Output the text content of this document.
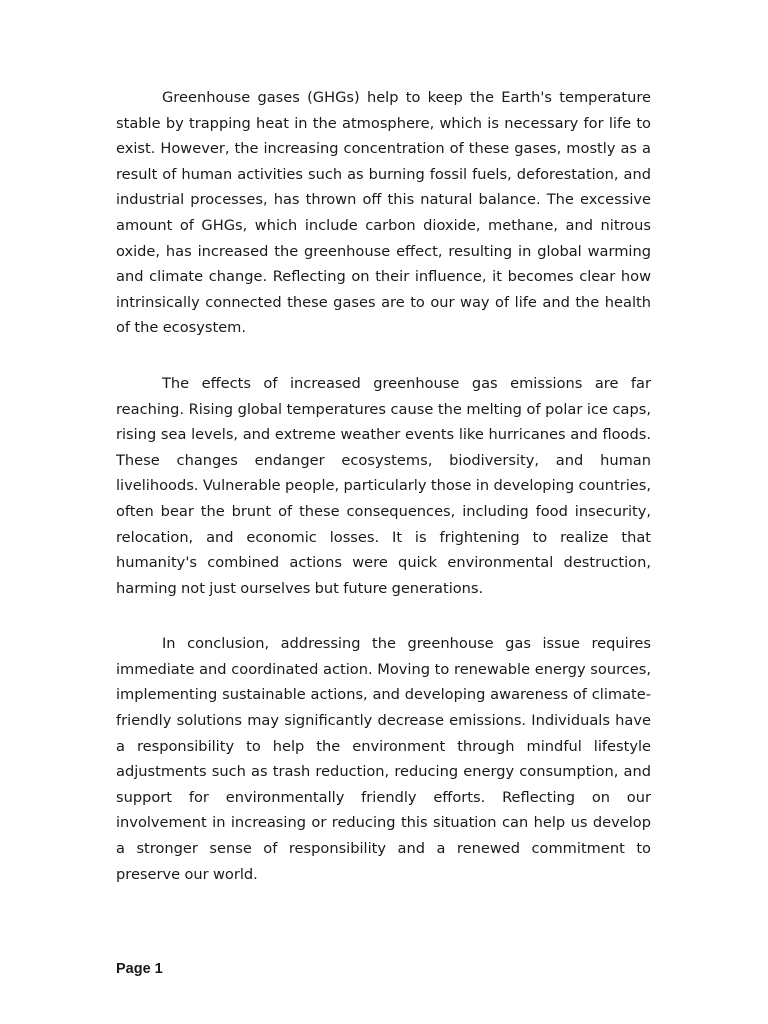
Greenhouse gases (GHGs) help to keep the Earth's temperature stable by trapping heat in the atmosphere, which is necessary for life to exist. However, the increasing concentration of these gases, mostly as a result of human activities such as burning fossil fuels, deforestation, and industrial processes, has thrown off this natural balance. The excessive amount of GHGs, which include carbon dioxide, methane, and nitrous oxide, has increased the greenhouse effect, resulting in global warming and climate change. Reflecting on their influence, it becomes clear how intrinsically connected these gases are to our way of life and the health of the ecosystem.

The effects of increased greenhouse gas emissions are far reaching. Rising global temperatures cause the melting of polar ice caps, rising sea levels, and extreme weather events like hurricanes and floods. These changes endanger ecosystems, biodiversity, and human livelihoods. Vulnerable people, particularly those in developing countries, often bear the brunt of these consequences, including food insecurity, relocation, and economic losses. It is frightening to realize that humanity's combined actions were quick environmental destruction, harming not just ourselves but future generations.

In conclusion, addressing the greenhouse gas issue requires immediate and coordinated action. Moving to renewable energy sources, implementing sustainable actions, and developing awareness of climate- friendly solutions may significantly decrease emissions. Individuals have a responsibility to help the environment through mindful lifestyle adjustments such as trash reduction, reducing energy consumption, and support for environmentally friendly efforts. Reflecting on our involvement in increasing or reducing this situation can help us develop a stronger sense of responsibility and a renewed commitment to preserve our world.

Page 1
